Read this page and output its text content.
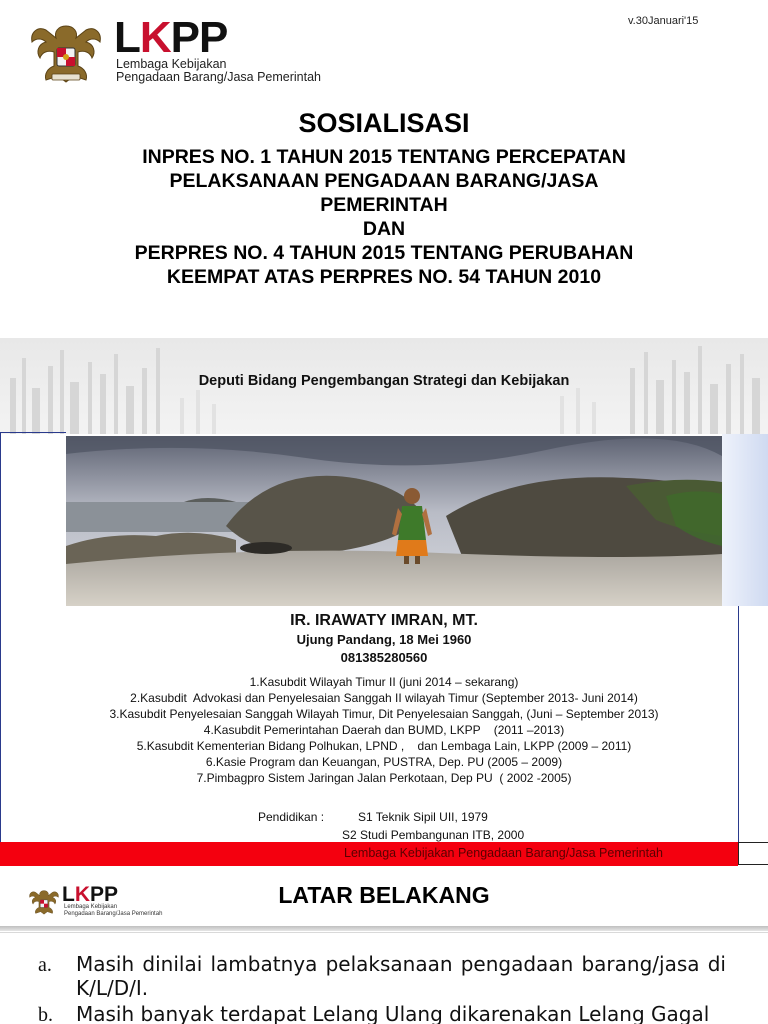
LKPP
Lembaga Kebijakan
Pengadaan Barang/Jasa Pemerintah
v.30Januari'15
SOSIALISASI
INPRES NO. 1 TAHUN 2015 TENTANG PERCEPATAN
PELAKSANAAN PENGADAAN BARANG/JASA
PEMERINTAH
DAN
PERPRES NO. 4 TAHUN 2015 TENTANG PERUBAHAN
KEEMPAT ATAS PERPRES NO. 54 TAHUN 2010
Deputi Bidang Pengembangan Strategi dan Kebijakan
IR. IRAWATY IMRAN, MT.
Ujung Pandang, 18 Mei 1960
081385280560
1.Kasubdit Wilayah Timur II (juni 2014 – sekarang)
2.Kasubdit  Advokasi dan Penyelesaian Sanggah II wilayah Timur (September 2013- Juni 2014)
3.Kasubdit Penyelesaian Sanggah Wilayah Timur, Dit Penyelesaian Sanggah, (Juni – September 2013)
4.Kasubdit Pemerintahan Daerah dan BUMD, LKPP    (2011 –2013)
5.Kasubdit Kementerian Bidang Polhukan, LPND ,    dan Lembaga Lain, LKPP (2009 – 2011)
6.Kasie Program dan Keuangan, PUSTRA, Dep. PU (2005 – 2009)
7.Pimbagpro Sistem Jaringan Jalan Perkotaan, Dep PU  ( 2002 -2005)
Pendidikan :	S1 Teknik Sipil UII, 1979
S2 Studi Pembangunan ITB, 2000
Lembaga Kebijakan Pengadaan Barang/Jasa Pemerintah
LKPP
Lembaga Kebijakan
Pengadaan Barang/Jasa Pemerintah
LATAR BELAKANG
a. Masih dinilai lambatnya pelaksanaan pengadaan barang/jasa di K/L/D/I.
b. Masih banyak terdapat Lelang Ulang dikarenakan Lelang Gagal
